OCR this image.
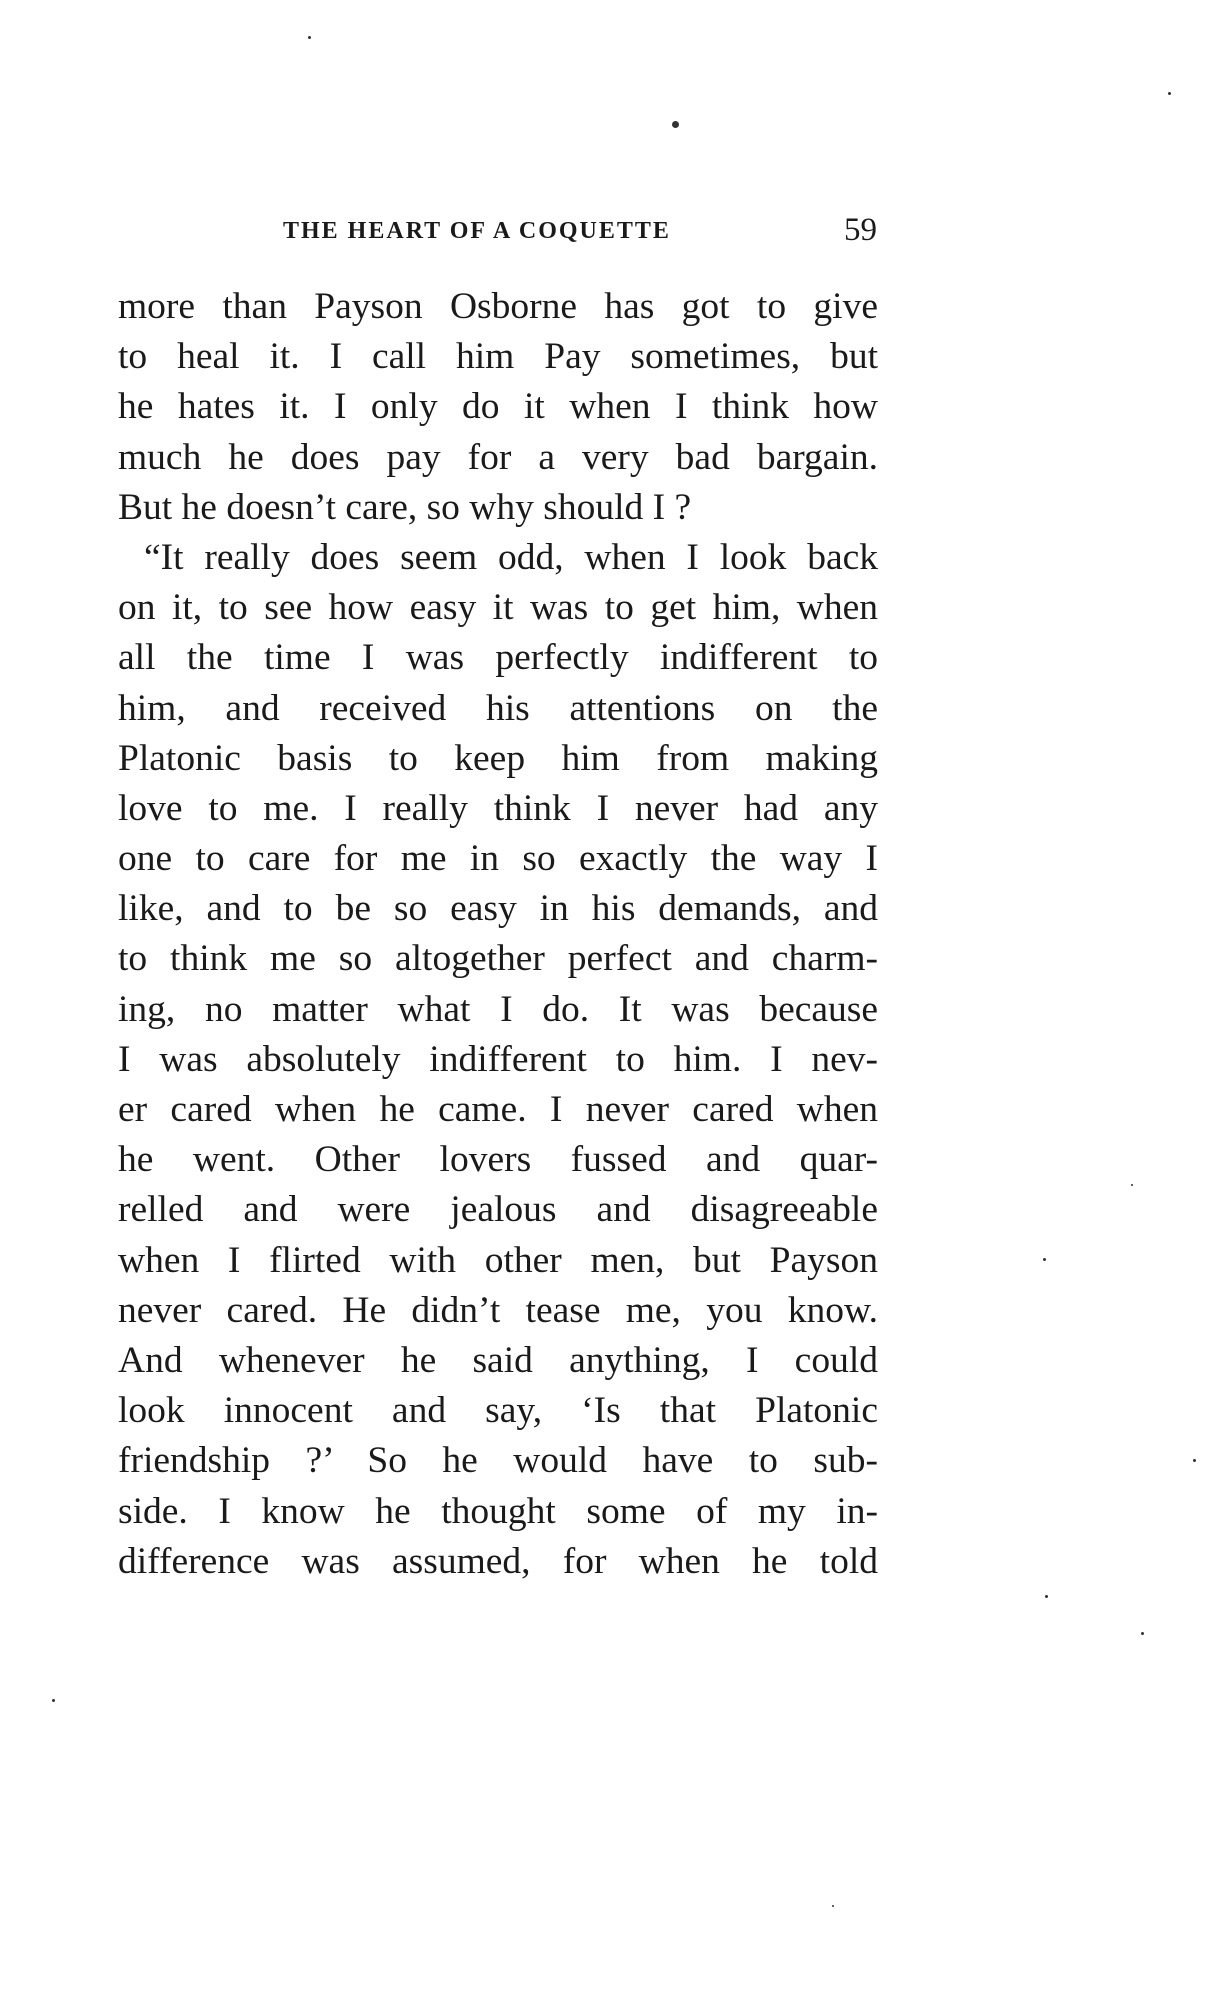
THE HEART OF A COQUETTE	59
more than Payson Osborne has got to give
to heal it. I call him Pay sometimes, but
he hates it. I only do it when I think how
much he does pay for a very bad bargain.
But he doesn’t care, so why should I ?
“It really does seem odd, when I look back
on it, to see how easy it was to get him, when
all the time I was perfectly indifferent to
him, and received his attentions on the
Platonic basis to keep him from making
love to me. I really think I never had any
one to care for me in so exactly the way I
like, and to be so easy in his demands, and
to think me so altogether perfect and charm-
ing, no matter what I do. It was because
I was absolutely indifferent to him. I nev-
er cared when he came. I never cared when
he went. Other lovers fussed and quar-
relled and were jealous and disagreeable
when I flirted with other men, but Payson
never cared. He didn’t tease me, you know.
And whenever he said anything, I could
look innocent and say, ‘Is that Platonic
friendship ?’ So he would have to sub-
side. I know he thought some of my in-
difference was assumed, for when he told
